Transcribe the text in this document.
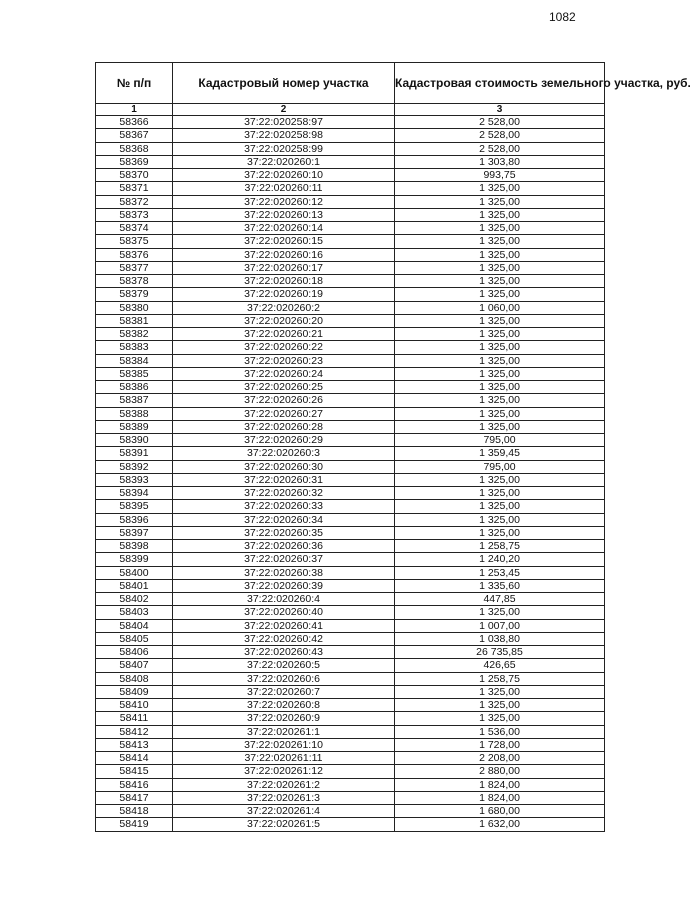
1082
№ п/п	Кадастровый номер участка	Кадастровая стоимость земельного участка, руб.
1	2	3
58366	37:22:020258:97	2 528,00
58367	37:22:020258:98	2 528,00
58368	37:22:020258:99	2 528,00
58369	37:22:020260:1	1 303,80
58370	37:22:020260:10	993,75
58371	37:22:020260:11	1 325,00
58372	37:22:020260:12	1 325,00
58373	37:22:020260:13	1 325,00
58374	37:22:020260:14	1 325,00
58375	37:22:020260:15	1 325,00
58376	37:22:020260:16	1 325,00
58377	37:22:020260:17	1 325,00
58378	37:22:020260:18	1 325,00
58379	37:22:020260:19	1 325,00
58380	37:22:020260:2	1 060,00
58381	37:22:020260:20	1 325,00
58382	37:22:020260:21	1 325,00
58383	37:22:020260:22	1 325,00
58384	37:22:020260:23	1 325,00
58385	37:22:020260:24	1 325,00
58386	37:22:020260:25	1 325,00
58387	37:22:020260:26	1 325,00
58388	37:22:020260:27	1 325,00
58389	37:22:020260:28	1 325,00
58390	37:22:020260:29	795,00
58391	37:22:020260:3	1 359,45
58392	37:22:020260:30	795,00
58393	37:22:020260:31	1 325,00
58394	37:22:020260:32	1 325,00
58395	37:22:020260:33	1 325,00
58396	37:22:020260:34	1 325,00
58397	37:22:020260:35	1 325,00
58398	37:22:020260:36	1 258,75
58399	37:22:020260:37	1 240,20
58400	37:22:020260:38	1 253,45
58401	37:22:020260:39	1 335,60
58402	37:22:020260:4	447,85
58403	37:22:020260:40	1 325,00
58404	37:22:020260:41	1 007,00
58405	37:22:020260:42	1 038,80
58406	37:22:020260:43	26 735,85
58407	37:22:020260:5	426,65
58408	37:22:020260:6	1 258,75
58409	37:22:020260:7	1 325,00
58410	37:22:020260:8	1 325,00
58411	37:22:020260:9	1 325,00
58412	37:22:020261:1	1 536,00
58413	37:22:020261:10	1 728,00
58414	37:22:020261:11	2 208,00
58415	37:22:020261:12	2 880,00
58416	37:22:020261:2	1 824,00
58417	37:22:020261:3	1 824,00
58418	37:22:020261:4	1 680,00
58419	37:22:020261:5	1 632,00
